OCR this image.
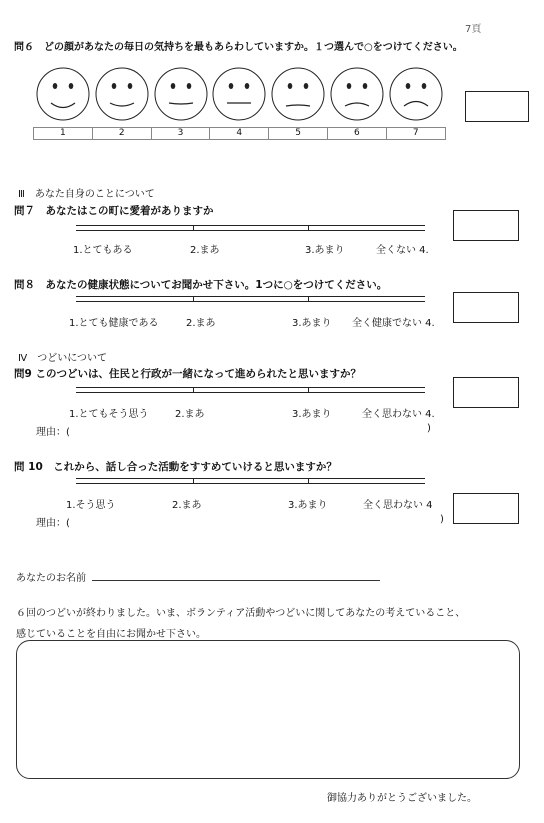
7頁
問６　どの顔があなたの毎日の気持ちを最もあらわしていますか。１つ選んで○をつけてください。
1	2	3	4	5	6	7
Ⅲ　あなた自身のことについて
問７　あなたはこの町に愛着がありますか
1.とてもある	2.まあ	3.あまり	全くない 4.
問８　あなたの健康状態についてお聞かせ下さい。1つに○をつけてください。
1.とても健康である	2.まあ	3.あまり 全く健康でない 4.
Ⅳ　つどいについて
問9 このつどいは、住民と行政が一緒になって進められたと思いますか？
1.とてもそう思う	2.まあ	3.あまり	全く思わない 4.
理由：(	)
問 10　これから、話し合った活動をすすめていけると思いますか？
1.そう思う	2.まあ	3.あまり	全く思わない 4
理由：(	)
あなたのお名前
６回のつどいが終わりました。いま、ボランティア活動やつどいに関してあなたの考えていること、
感じていることを自由にお聞かせ下さい。
御協力ありがとうございました。
